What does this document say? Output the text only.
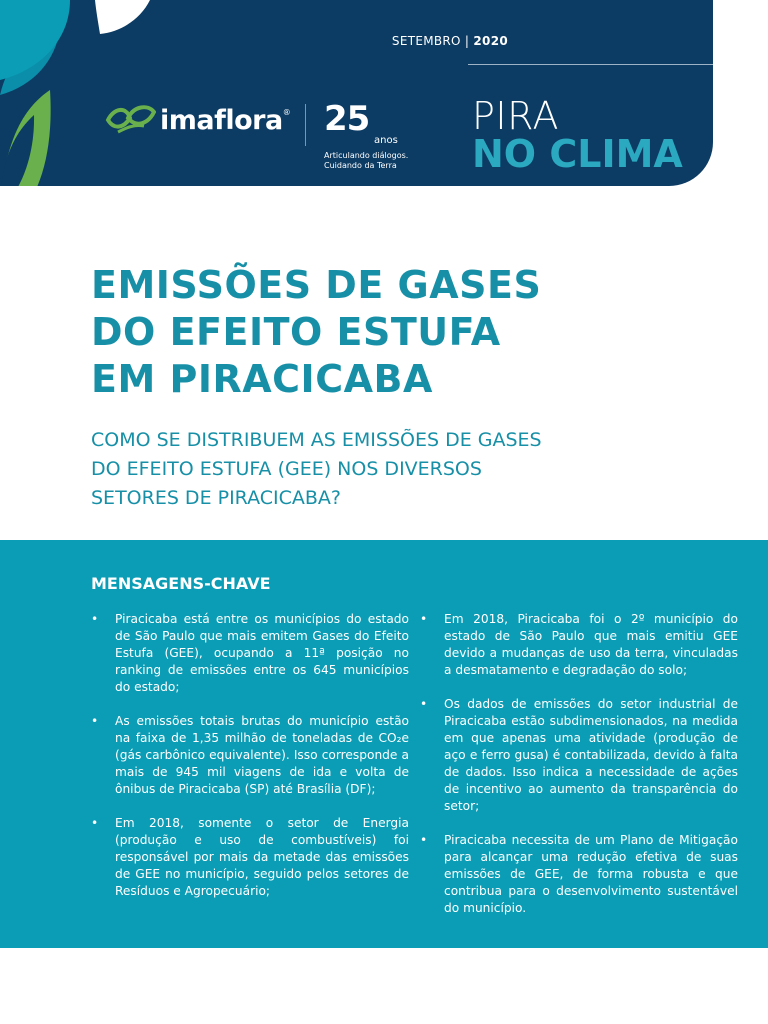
SETEMBRO | 2020
imaflora ® 25
anos
Articulando diálogos.
Cuidando da Terra
PIRA
NO CLIMA
EMISSÕES DE GASES
DO EFEITO ESTUFA
EM PIRACICABA
COMO SE DISTRIBUEM AS EMISSÕES DE GASES DO EFEITO ESTUFA (GEE) NOS DIVERSOS SETORES DE PIRACICABA?
MENSAGENS-CHAVE
• Piracicaba está entre os municípios do estado de São Paulo que mais emitem Gases do Efeito Estufa (GEE), ocupando a 11ª posição no ranking de emissões entre os 645 municípios do estado;
• As emissões totais brutas do município estão na faixa de 1,35 milhão de toneladas de CO₂e (gás carbônico equivalente). Isso corresponde a mais de 945 mil viagens de ida e volta de ônibus de Piracicaba (SP) até Brasília (DF);
• Em 2018, somente o setor de Energia (produção e uso de combustíveis) foi responsável por mais da metade das emissões de GEE no município, seguido pelos setores de Resíduos e Agropecuário;
• Em 2018, Piracicaba foi o 2º município do estado de São Paulo que mais emitiu GEE devido a mudanças de uso da terra, vinculadas a desmatamento e degradação do solo;
• Os dados de emissões do setor industrial de Piracicaba estão subdimensionados, na medida em que apenas uma atividade (produção de aço e ferro gusa) é contabilizada, devido à falta de dados. Isso indica a necessidade de ações de incentivo ao aumento da transparência do setor;
• Piracicaba necessita de um Plano de Mitigação para alcançar uma redução efetiva de suas emissões de GEE, de forma robusta e que contribua para o desenvolvimento sustentável do município.
